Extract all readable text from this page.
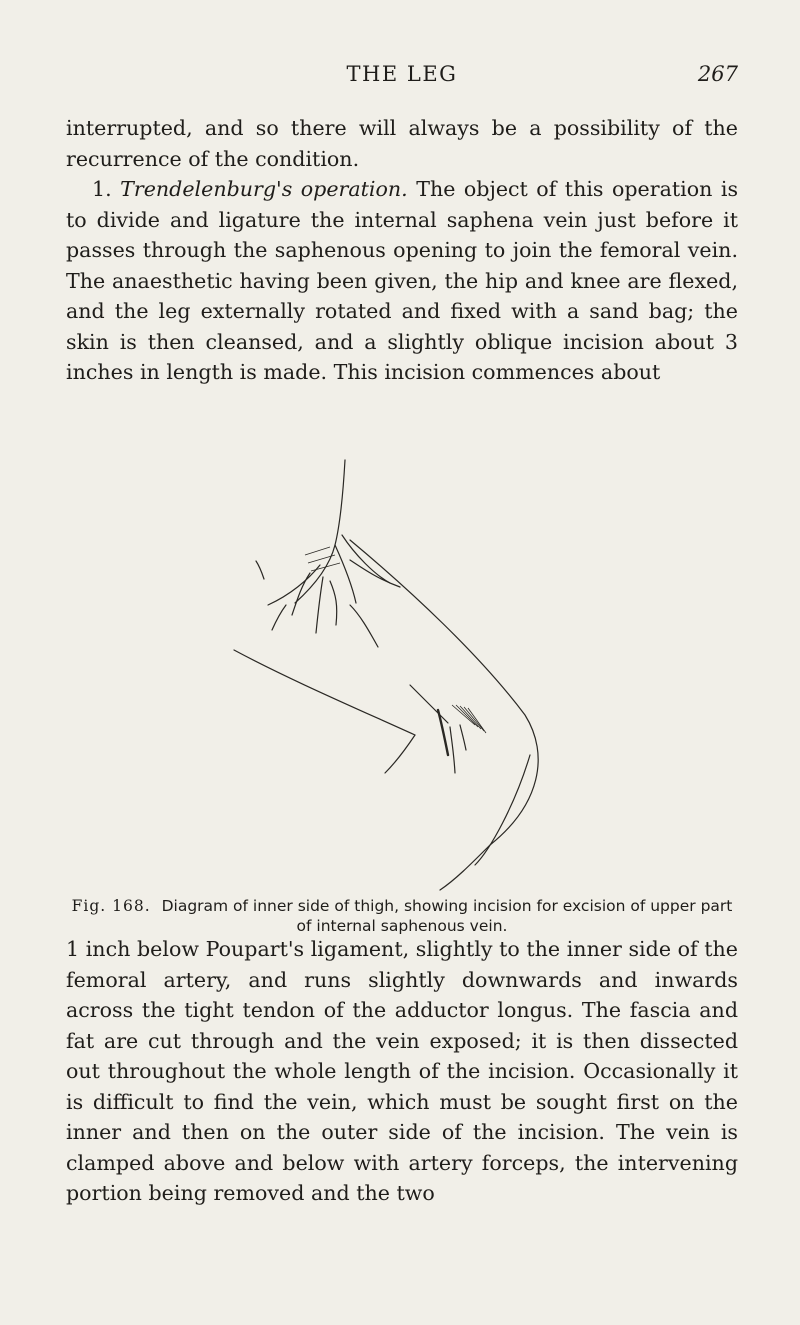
THE LEG	267

interrupted, and so there will always be a possibility of the recurrence of the condition.

1. Trendelenburg's operation. The object of this operation is to divide and ligature the internal saphena vein just before it passes through the saphenous opening to join the femoral vein. The anaesthetic having been given, the hip and knee are flexed, and the leg externally rotated and fixed with a sand bag; the skin is then cleansed, and a slightly oblique incision about 3 inches in length is made. This incision commences about

Fig. 168. Diagram of inner side of thigh, showing incision for excision of upper part of internal saphenous vein.

1 inch below Poupart's ligament, slightly to the inner side of the femoral artery, and runs slightly downwards and inwards across the tight tendon of the adductor longus. The fascia and fat are cut through and the vein exposed; it is then dissected out throughout the whole length of the incision. Occasionally it is difficult to find the vein, which must be sought first on the inner and then on the outer side of the incision. The vein is clamped above and below with artery forceps, the intervening portion being removed and the two
